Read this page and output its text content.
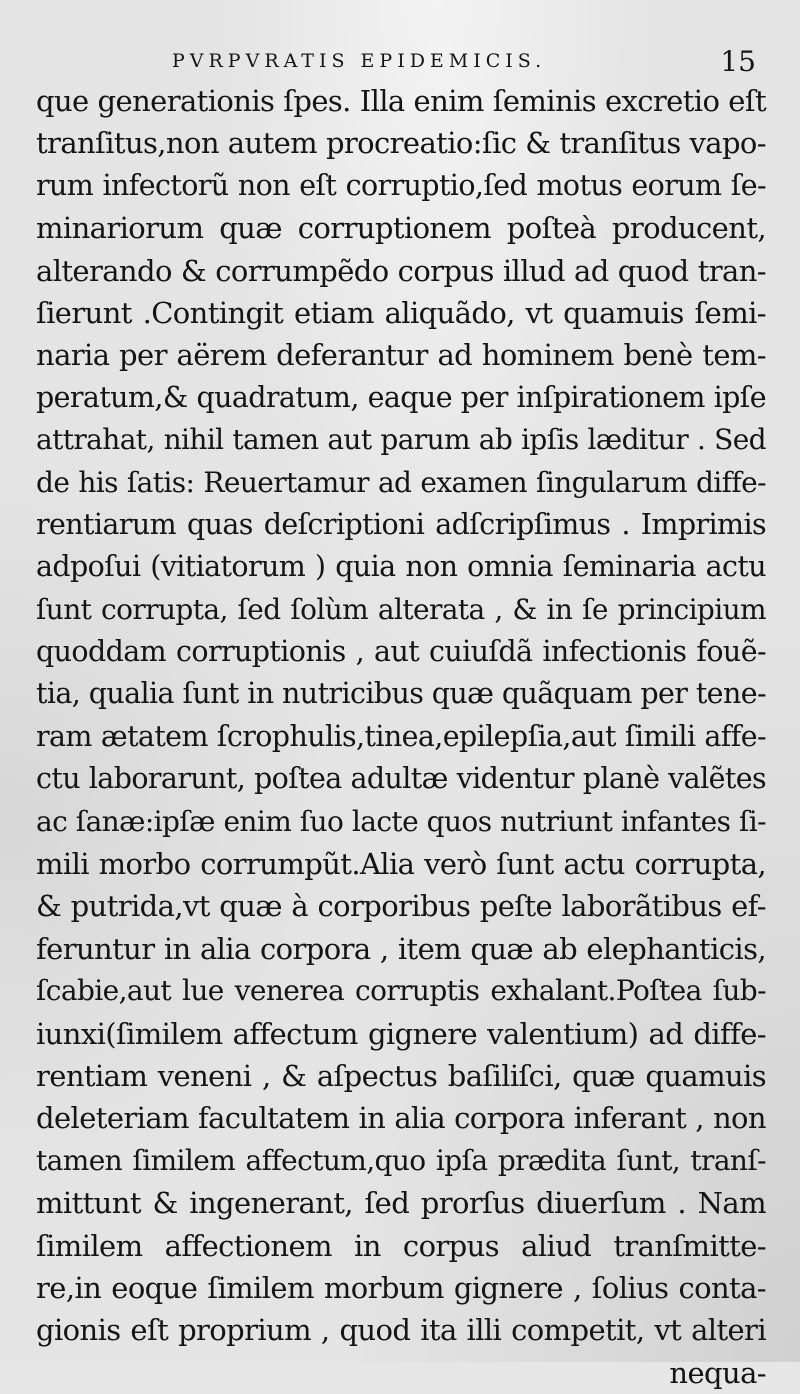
PVRPVRATIS EPIDEMICIS.	15
que generationis ſpes. Illa enim ſeminis excretio eſt
tranſitus,non autem procreatio:ſic & tranſitus vapo-
rum infectorũ non eſt corruptio,ſed motus eorum ſe-
minariorum quæ corruptionem poſteà producent,
alterando & corrumpẽdo corpus illud ad quod tran-
ſierunt .Contingit etiam aliquãdo, vt quamuis ſemi-
naria per aërem deferantur ad hominem benè tem-
peratum,& quadratum, eaque per inſpirationem ipſe
attrahat, nihil tamen aut parum ab ipſis læditur . Sed
de his ſatis: Reuertamur ad examen ſingularum diffe-
rentiarum quas deſcriptioni adſcripſimus . Imprimis
adpoſui (vitiatorum ) quia non omnia ſeminaria actu
ſunt corrupta, ſed ſolùm alterata , & in ſe principium
quoddam corruptionis , aut cuiuſdã infectionis fouẽ-
tia, qualia ſunt in nutricibus quæ quãquam per tene-
ram ætatem ſcrophulis,tinea,epilepſia,aut ſimili affe-
ctu laborarunt, poſtea adultæ videntur planè valẽtes
ac ſanæ:ipſæ enim ſuo lacte quos nutriunt infantes ſi-
mili morbo corrumpũt.Alia verò ſunt actu corrupta,
& putrida,vt quæ à corporibus peſte laborãtibus ef-
feruntur in alia corpora , item quæ ab elephanticis,
ſcabie,aut lue venerea corruptis exhalant.Poſtea ſub-
iunxi(ſimilem affectum gignere valentium) ad diffe-
rentiam veneni , & aſpectus baſiliſci, quæ quamuis
deleteriam facultatem in alia corpora inferant , non
tamen ſimilem affectum,quo ipſa prædita ſunt, tranſ-
mittunt & ingenerant, ſed prorſus diuerſum . Nam
ſimilem affectionem in corpus aliud tranſmitte-
re,in eoque ſimilem morbum gignere , ſolius conta-
gionis eſt proprium , quod ita illi competit, vt alteri
nequa-
